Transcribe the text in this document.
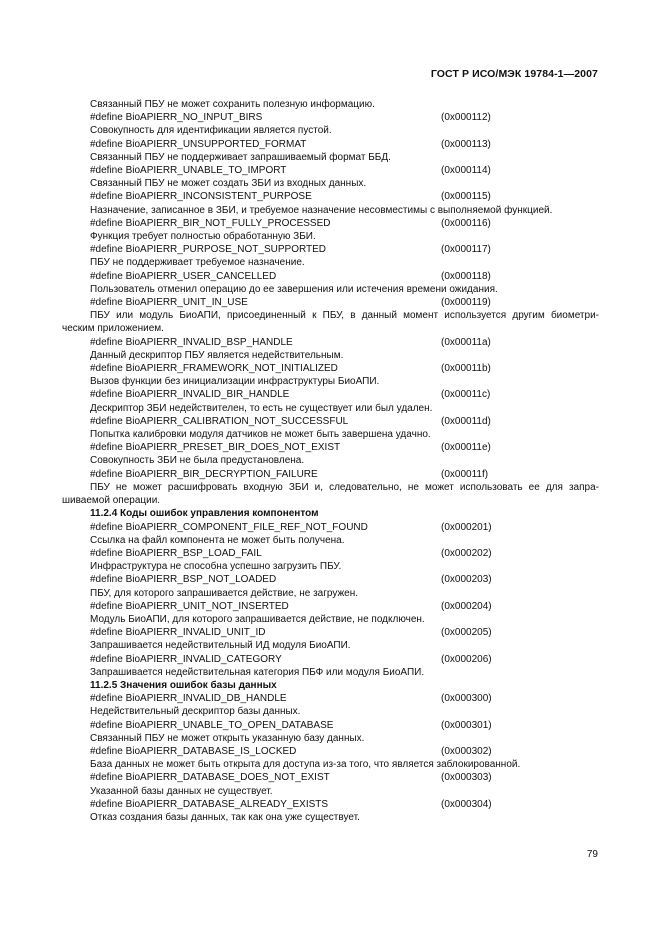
ГОСТ Р ИСО/МЭК 19784-1—2007
Связанный ПБУ не может сохранить полезную информацию.
#define BioAPIERR_NO_INPUT_BIRS	(0x000112)
Совокупность для идентификации является пустой.
#define BioAPIERR_UNSUPPORTED_FORMAT	(0x000113)
Связанный ПБУ не поддерживает запрашиваемый формат ББД.
#define BioAPIERR_UNABLE_TO_IMPORT	(0x000114)
Связанный ПБУ не может создать ЗБИ из входных данных.
#define BioAPIERR_INCONSISTENT_PURPOSE	(0x000115)
Назначение, записанное в ЗБИ, и требуемое назначение несовместимы с выполняемой функцией.
#define BioAPIERR_BIR_NOT_FULLY_PROCESSED	(0x000116)
Функция требует полностью обработанную ЗБИ.
#define BioAPIERR_PURPOSE_NOT_SUPPORTED	(0x000117)
ПБУ не поддерживает требуемое назначение.
#define BioAPIERR_USER_CANCELLED	(0x000118)
Пользователь отменил операцию до ее завершения или истечения времени ожидания.
#define BioAPIERR_UNIT_IN_USE	(0x000119)
ПБУ или модуль БиоАПИ, присоединенный к ПБУ, в данный момент используется другим биометри-
ческим приложением.
#define BioAPIERR_INVALID_BSP_HANDLE	(0x00011a)
Данный дескриптор ПБУ является недействительным.
#define BioAPIERR_FRAMEWORK_NOT_INITIALIZED	(0x00011b)
Вызов функции без инициализации инфраструктуры БиоАПИ.
#define BioAPIERR_INVALID_BIR_HANDLE	(0x00011c)
Дескриптор ЗБИ недействителен, то есть не существует или был удален.
#define BioAPIERR_CALIBRATION_NOT_SUCCESSFUL	(0x00011d)
Попытка калибровки модуля датчиков не может быть завершена удачно.
#define BioAPIERR_PRESET_BIR_DOES_NOT_EXIST	(0x00011e)
Совокупность ЗБИ не была предустановлена.
#define BioAPIERR_BIR_DECRYPTION_FAILURE	(0x00011f)
ПБУ не может расшифровать входную ЗБИ и, следовательно, не может использовать ее для запра-
шиваемой операции.
11.2.4 Коды ошибок управления компонентом
#define BioAPIERR_COMPONENT_FILE_REF_NOT_FOUND	(0x000201)
Ссылка на файл компонента не может быть получена.
#define BioAPIERR_BSP_LOAD_FAIL	(0x000202)
Инфраструктура не способна успешно загрузить ПБУ.
#define BioAPIERR_BSP_NOT_LOADED	(0x000203)
ПБУ, для которого запрашивается действие, не загружен.
#define BioAPIERR_UNIT_NOT_INSERTED	(0x000204)
Модуль БиоАПИ, для которого запрашивается действие, не подключен.
#define BioAPIERR_INVALID_UNIT_ID	(0x000205)
Запрашивается недействительный ИД модуля БиоАПИ.
#define BioAPIERR_INVALID_CATEGORY	(0x000206)
Запрашивается недействительная категория ПБФ или модуля БиоАПИ.
11.2.5 Значения ошибок базы данных
#define BioAPIERR_INVALID_DB_HANDLE	(0x000300)
Недействительный дескриптор базы данных.
#define BioAPIERR_UNABLE_TO_OPEN_DATABASE	(0x000301)
Связанный ПБУ не может открыть указанную базу данных.
#define BioAPIERR_DATABASE_IS_LOCKED	(0x000302)
База данных не может быть открыта для доступа из-за того, что является заблокированной.
#define BioAPIERR_DATABASE_DOES_NOT_EXIST	(0x000303)
Указанной базы данных не существует.
#define BioAPIERR_DATABASE_ALREADY_EXISTS	(0x000304)
Отказ создания базы данных, так как она уже существует.
79
